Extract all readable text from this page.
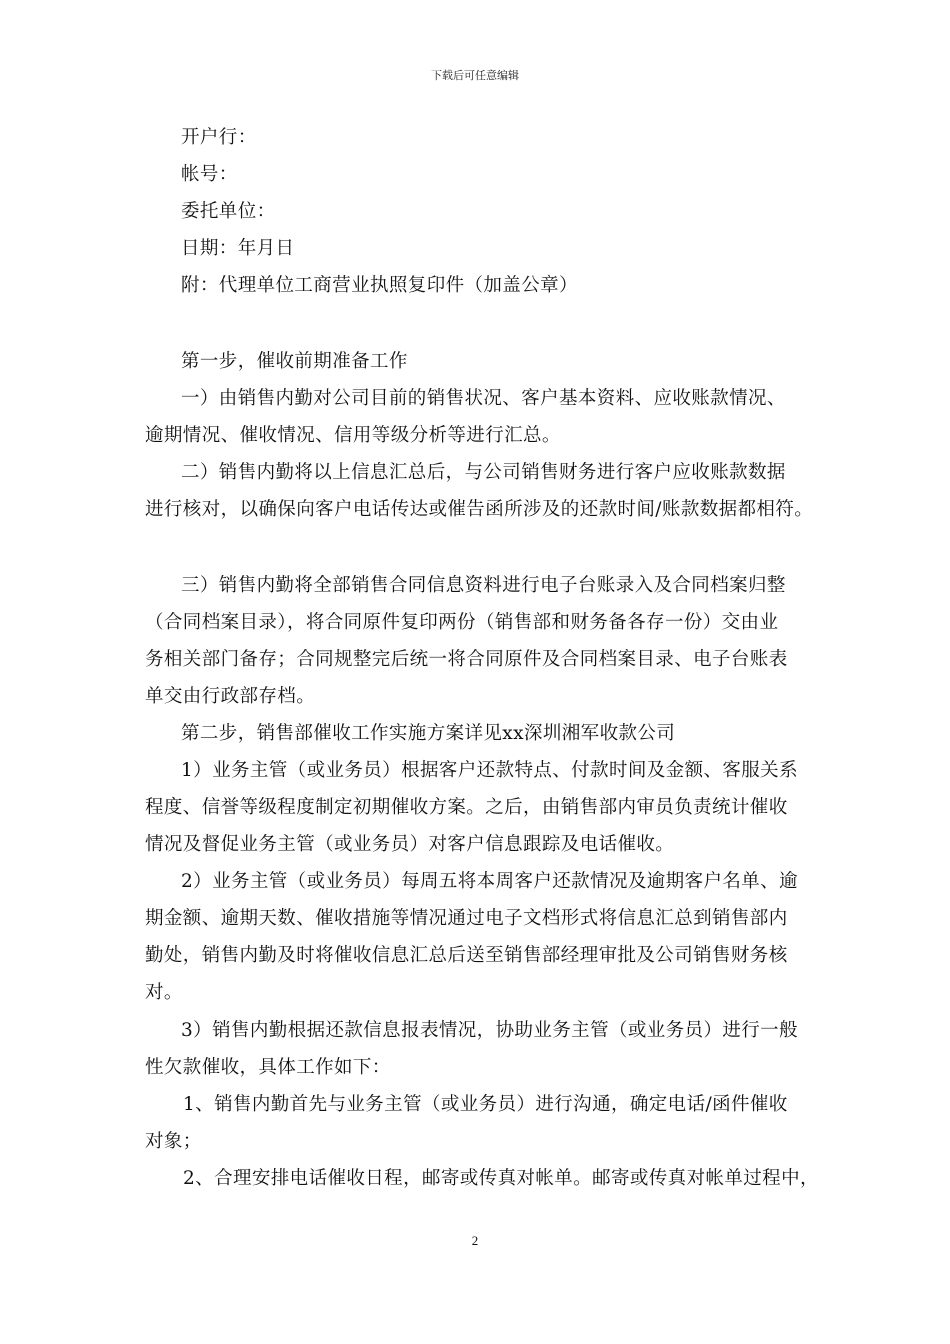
下载后可任意编辑
开户行：
帐号：
委托单位：
日期：年月日
附：代理单位工商营业执照复印件（加盖公章）
第一步，催收前期准备工作
一）由销售内勤对公司目前的销售状况、客户基本资料、应收账款情况、
逾期情况、催收情况、信用等级分析等进行汇总。
二）销售内勤将以上信息汇总后，与公司销售财务进行客户应收账款数据
进行核对，以确保向客户电话传达或催告函所涉及的还款时间/账款数据都相符。
三）销售内勤将全部销售合同信息资料进行电子台账录入及合同档案归整
（合同档案目录），将合同原件复印两份（销售部和财务备各存一份）交由业
务相关部门备存；合同规整完后统一将合同原件及合同档案目录、电子台账表
单交由行政部存档。
第二步，销售部催收工作实施方案详见xx深圳湘军收款公司
1）业务主管（或业务员）根据客户还款特点、付款时间及金额、客服关系
程度、信誉等级程度制定初期催收方案。之后，由销售部内审员负责统计催收
情况及督促业务主管（或业务员）对客户信息跟踪及电话催收。
2）业务主管（或业务员）每周五将本周客户还款情况及逾期客户名单、逾
期金额、逾期天数、催收措施等情况通过电子文档形式将信息汇总到销售部内
勤处，销售内勤及时将催收信息汇总后送至销售部经理审批及公司销售财务核
对。
3）销售内勤根据还款信息报表情况，协助业务主管（或业务员）进行一般
性欠款催收，具体工作如下：
1、销售内勤首先与业务主管（或业务员）进行沟通，确定电话/函件催收
对象；
2、合理安排电话催收日程，邮寄或传真对帐单。邮寄或传真对帐单过程中，
2
